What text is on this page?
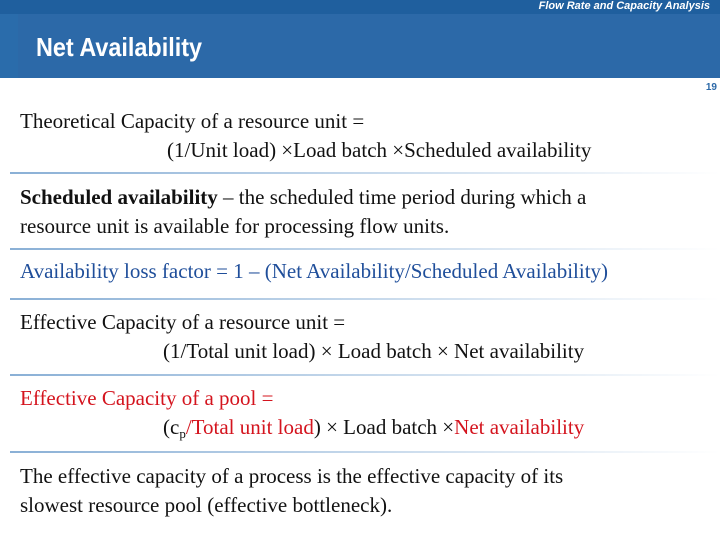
Flow Rate and Capacity Analysis
Net Availability
19
Theoretical Capacity of a resource unit =
(1/Unit load) ×Load batch ×Scheduled availability
Scheduled availability – the scheduled time period during which a
resource unit is available for processing flow units.
Availability loss factor = 1 – (Net Availability/Scheduled Availability)
Effective Capacity of a resource unit =
(1/Total unit load) × Load batch × Net availability
Effective Capacity of a pool =
($c_p$/Total unit load) × Load batch ×Net availability
The effective capacity of a process is the effective capacity of its
slowest resource pool (effective bottleneck).
